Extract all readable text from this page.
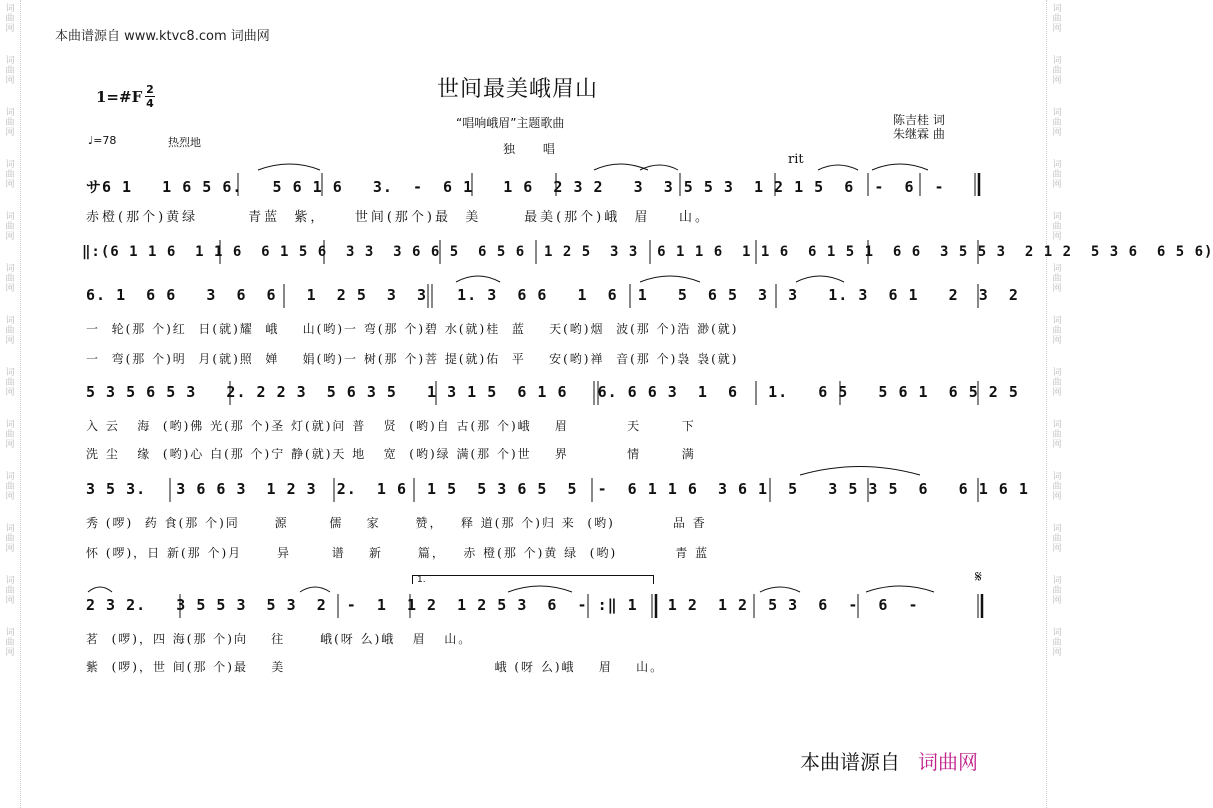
词
曲
网
词
曲
网
词
曲
网
词
曲
网
词
曲
网
词
曲
网
词
曲
网
词
曲
网
词
曲
网
词
曲
网
词
曲
网
词
曲
网
词
曲
网
词
曲
网
词
曲
网
词
曲
网
词
曲
网
词
曲
网
词
曲
网
词
曲
网
词
曲
网
词
曲
网
词
曲
网
词
曲
网
词
曲
网
词
曲
网
本曲谱源自 www.ktvc8.com 词曲网
1=#F 2
4
世间最美峨眉山
“唱响峨眉”主题歌曲
独 唱
陈吉桂 词
朱继霖 曲
♩=78	热烈地
rit
サ6 1   1 6 5 6.   5 6 1 6   3.  -  6 1   1 6  2 3 2   3  3 5 5 3  1 2 1 5  6  -  6  -
赤橙(那个)黄绿       青蓝  紫，    世间(那个)最  美      最美(那个)峨  眉    山。
‖:(6 1 1 6  1 1 6  6 1 5 6  3 3  3 6 6 5  6 5 6  1 2 5  3 3  6 1 1 6  1 1 6  6 1 5 1  6 6  3 5 5 3  2 1 2  5 3 6  6 5 6)
6. 1  6 6   3  6  6   1  2 5  3  3   1. 3  6 6   1  6  1   5  6 5  3  3   1. 3  6 1   2  3  2
一  轮(那 个)红  日(就)耀  峨    山(哟)一 弯(那 个)碧 水(就)桂  蓝    天(哟)烟  波(那 个)浩 渺(就)
一  弯(那 个)明  月(就)照  婵    娟(哟)一 树(那 个)菩 提(就)佑  平    安(哟)禅  音(那 个)袅 袅(就)
5 3 5 6 5 3   2. 2 2 3  5 6 3 5   1 3 1 5  6 1 6   6. 6 6 3  1  6   1.   6 5   5 6 1  6 5 2 5
入 云   海  (哟)佛 光(那 个)圣 灯(就)问 普   贤  (哟)自 古(那 个)峨    眉          天       下
洗 尘   缘  (哟)心 白(那 个)宁 静(就)天 地   宽  (哟)绿 满(那 个)世    界          情       满
3 5 3.   3 6 6 3  1 2 3  2.  1 6  1 5  5 3 6 5  5  -  6 1 1 6  3 6 1  5   3 5 3 5  6   6 1 6 1
秀 (啰)  药 食(那 个)同      源       儒    家      赞，   释 道(那 个)归 来  (哟)          品 香
怀 (啰)，日 新(那 个)月      异       谱    新      篇，   赤 橙(那 个)黄 绿  (哟)          青 蓝
1.	𝄋
2 3 2.   3 5 5 3  5 3  2  -  1  1 2  1 2 5 3  6  - :‖ 1   1 2  1 2  5 3  6  -  6  -
茗  (啰)，四 海(那 个)向    往      峨(呀 么)峨   眉   山。
紫  (啰)，世 间(那 个)最    美                                    峨 (呀 么)峨    眉    山。
本曲谱源自 词曲网
